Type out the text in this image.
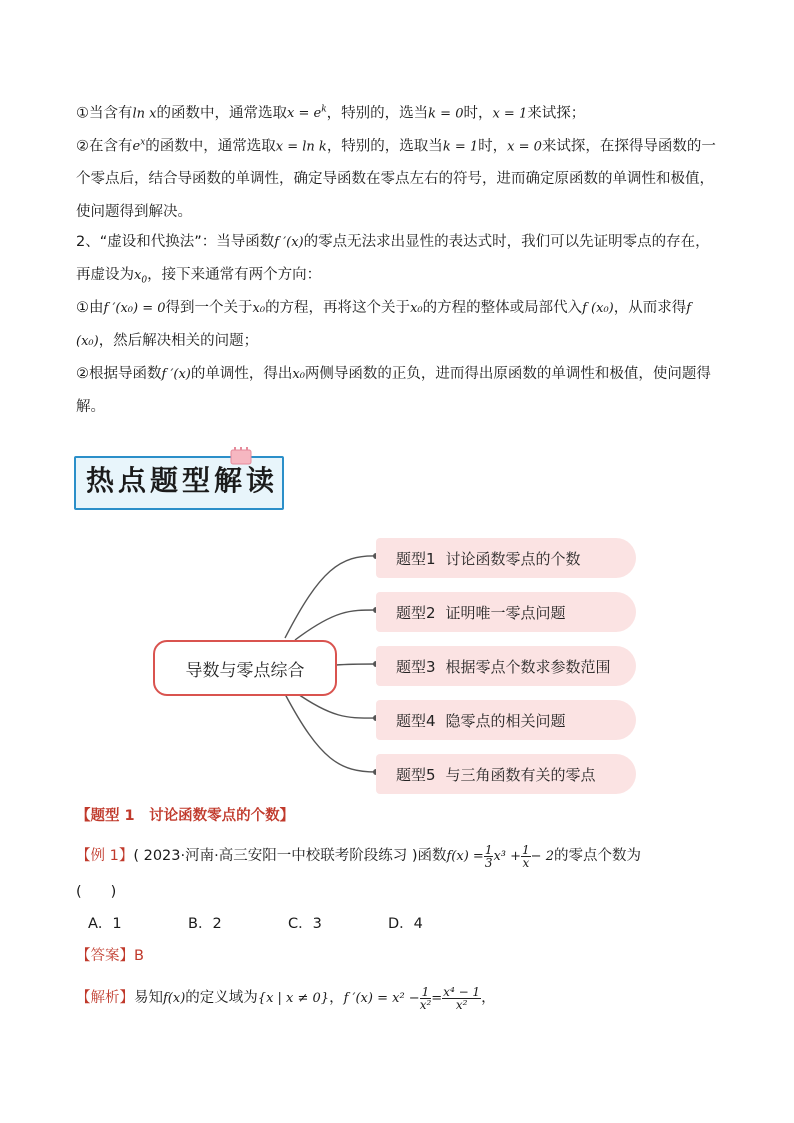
①当含有ln x的函数中，通常选取$x = e^k$，特别的，选当k = 0时，x = 1来试探；

②在含有$e^x$的函数中，通常选取x = ln k，特别的，选取当k = 1时，x = 0来试探，在探得导函数的一个零点后，结合导函数的单调性，确定导函数在零点左右的符号，进而确定原函数的单调性和极值，使问题得到解决。

2、“虚设和代换法”：当导函数f ′(x)的零点无法求出显性的表达式时，我们可以先证明零点的存在，再虚设为$x_0$，接下来通常有两个方向：

①由f ′(x₀) = 0得到一个关于x₀的方程，再将这个关于x₀的方程的整体或局部代入f (x₀)，从而求得f (x₀)，然后解决相关的问题；

②根据导函数f ′(x)的单调性，得出x₀两侧导函数的正负，进而得出原函数的单调性和极值，使问题得解。

热点题型解读
导数与零点综合
题型1 讨论函数零点的个数
题型2 证明唯一零点问题
题型3 根据零点个数求参数范围
题型4 隐零点的相关问题
题型5 与三角函数有关的零点

【题型 1　讨论函数零点的个数】

【例 1】( 2023·河南·高三安阳一中校联考阶段练习 )函数$f(x) = \frac{1}{3} x^3 + \frac{1}{x} - 2$的零点个数为

(　　)

A．1	B．2	C．3	D．4

【答案】B

【解析】易知f(x)的定义域为{x | x ≠ 0}，f $'(x) = x^2 - \frac{1}{\text{x²}} = \frac{\text{x⁴ − 1}}{\text{x²}}$ ，
